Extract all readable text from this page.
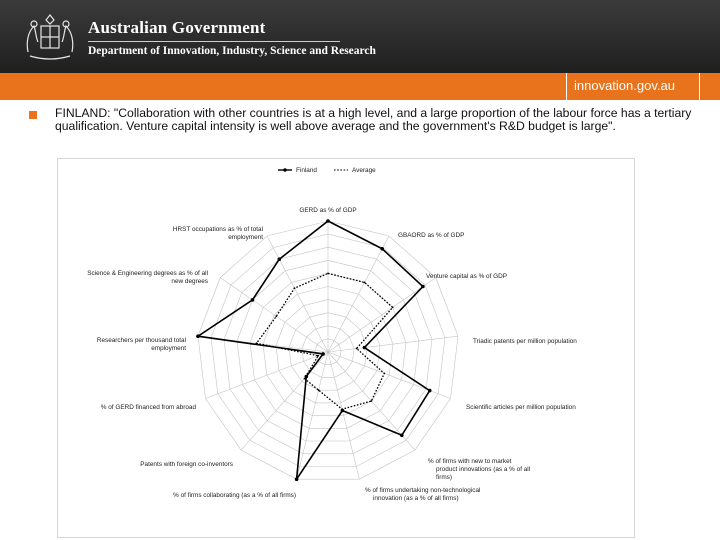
Australian Government
Department of Innovation, Industry, Science and Research
innovation.gov.au
FINLAND: "Collaboration with other countries is at a high level, and a large proportion of the labour force has a tertiary qualification. Venture capital intensity is well above average and the government's R&D budget is large".
GERD as % of GDP
GBAORD as % of GDP
Venture capital as % of GDP
Triadic patents per million population
Scientific articles per million population
% of firms with new to market product innovations (as a % of all firms)
% of firms undertaking non-technological innovation (as a % of all firms)
% of firms collaborating (as a % of all firms)
Patents with foreign co-inventors
% of GERD financed from abroad
Researchers per thousand total employment
Science & Engineering degrees as % of all new degrees
HRST occupations as % of total employment
Finland	Average
